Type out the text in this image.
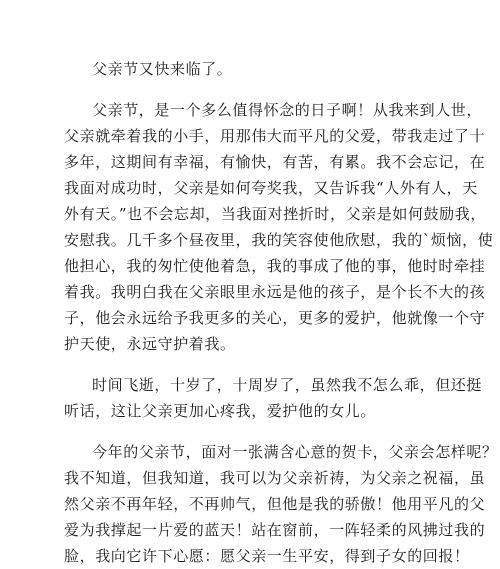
父亲节又快来临了。
父亲节，是一个多么值得怀念的日子啊！从我来到人世，
父亲就牵着我的小手，用那伟大而平凡的父爱，带我走过了十
多年，这期间有幸福，有愉快，有苦，有累。我不会忘记，在
我面对成功时，父亲是如何夸奖我，又告诉我“人外有人，天
外有天。”也不会忘却，当我面对挫折时，父亲是如何鼓励我，
安慰我。几千多个昼夜里，我的笑容使他欣慰，我的`烦恼，使
他担心，我的匆忙使他着急，我的事成了他的事，他时时牵挂
着我。我明白我在父亲眼里永远是他的孩子，是个长不大的孩
子，他会永远给予我更多的关心，更多的爱护，他就像一个守
护天使，永远守护着我。
时间飞逝，十岁了，十周岁了，虽然我不怎么乖，但还挺
听话，这让父亲更加心疼我，爱护他的女儿。
今年的父亲节，面对一张满含心意的贺卡，父亲会怎样呢？
我不知道，但我知道，我可以为父亲祈祷，为父亲之祝福，虽
然父亲不再年轻，不再帅气，但他是我的骄傲！他用平凡的父
爱为我撑起一片爱的蓝天！站在窗前，一阵轻柔的风拂过我的
脸，我向它许下心愿：愿父亲一生平安，得到子女的回报！
